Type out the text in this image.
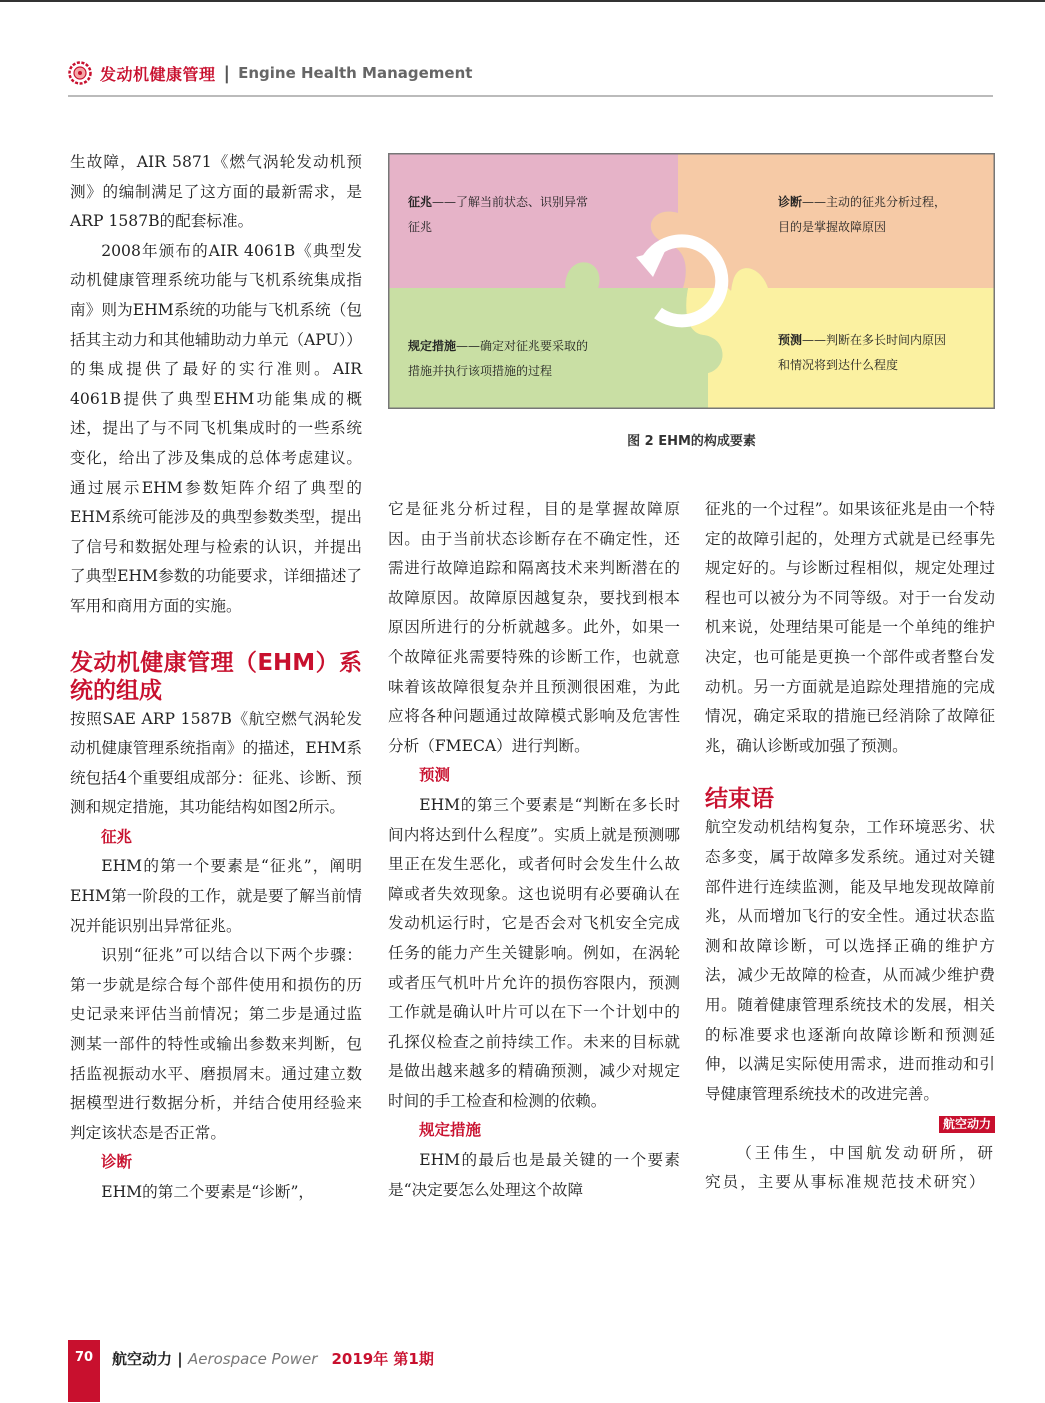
发动机健康管理 | Engine Health Management

生故障，AIR 5871《燃气涡轮发动机预测》的编制满足了这方面的最新需求，是ARP 1587B的配套标准。

2008年颁布的AIR 4061B《典型发动机健康管理系统功能与飞机系统集成指南》则为EHM系统的功能与飞机系统（包括其主动力和其他辅助动力单元（APU））的集成提供了最好的实行准则。AIR 4061B提供了典型EHM功能集成的概述，提出了与不同飞机集成时的一些系统变化，给出了涉及集成的总体考虑建议。通过展示EHM参数矩阵介绍了典型的EHM系统可能涉及的典型参数类型，提出了信号和数据处理与检索的认识，并提出了典型EHM参数的功能要求，详细描述了军用和商用方面的实施。

发动机健康管理（EHM）系统的组成

按照SAE ARP 1587B《航空燃气涡轮发动机健康管理系统指南》的描述，EHM系统包括4个重要组成部分：征兆、诊断、预测和规定措施，其功能结构如图2所示。

征兆

EHM的第一个要素是“征兆”，阐明EHM第一阶段的工作，就是要了解当前情况并能识别出异常征兆。

识别“征兆”可以结合以下两个步骤：第一步就是综合每个部件使用和损伤的历史记录来评估当前情况；第二步是通过监测某一部件的特性或输出参数来判断，包括监视振动水平、磨损屑末。通过建立数据模型进行数据分析，并结合使用经验来判定该状态是否正常。

诊断

EHM的第二个要素是“诊断”，

征兆——了解当前状态、识别异常
征兆
诊断——主动的征兆分析过程，
目的是掌握故障原因
规定措施——确定对征兆要采取的
措施并执行该项措施的过程
预测——判断在多长时间内原因
和情况将到达什么程度
图 2 EHM的构成要素

它是征兆分析过程，目的是掌握故障原因。由于当前状态诊断存在不确定性，还需进行故障追踪和隔离技术来判断潜在的故障原因。故障原因越复杂，要找到根本原因所进行的分析就越多。此外，如果一个故障征兆需要特殊的诊断工作，也就意味着该故障很复杂并且预测很困难，为此应将各种问题通过故障模式影响及危害性分析（FMECA）进行判断。

预测

EHM的第三个要素是“判断在多长时间内将达到什么程度”。实质上就是预测哪里正在发生恶化，或者何时会发生什么故障或者失效现象。这也说明有必要确认在发动机运行时，它是否会对飞机安全完成任务的能力产生关键影响。例如，在涡轮或者压气机叶片允许的损伤容限内，预测工作就是确认叶片可以在下一个计划中的孔探仪检查之前持续工作。未来的目标就是做出越来越多的精确预测，减少对规定时间的手工检查和检测的依赖。

规定措施

EHM的最后也是最关键的一个要素是“决定要怎么处理这个故障

征兆的一个过程”。如果该征兆是由一个特定的故障引起的，处理方式就是已经事先规定好的。与诊断过程相似，规定处理过程也可以被分为不同等级。对于一台发动机来说，处理结果可能是一个单纯的维护决定，也可能是更换一个部件或者整台发动机。另一方面就是追踪处理措施的完成情况，确定采取的措施已经消除了故障征兆，确认诊断或加强了预测。

结束语

航空发动机结构复杂，工作环境恶劣、状态多变，属于故障多发系统。通过对关键部件进行连续监测，能及早地发现故障前兆，从而增加飞行的安全性。通过状态监测和故障诊断，可以选择正确的维护方法，减少无故障的检查，从而减少维护费用。随着健康管理系统技术的发展，相关的标准要求也逐渐向故障诊断和预测延伸，以满足实际使用需求，进而推动和引导健康管理系统技术的改进完善。

航空动力

（王伟生，中国航发动研所，研究员，主要从事标准规范技术研究）

70	航空动力 | Aerospace Power 2019年 第1期
